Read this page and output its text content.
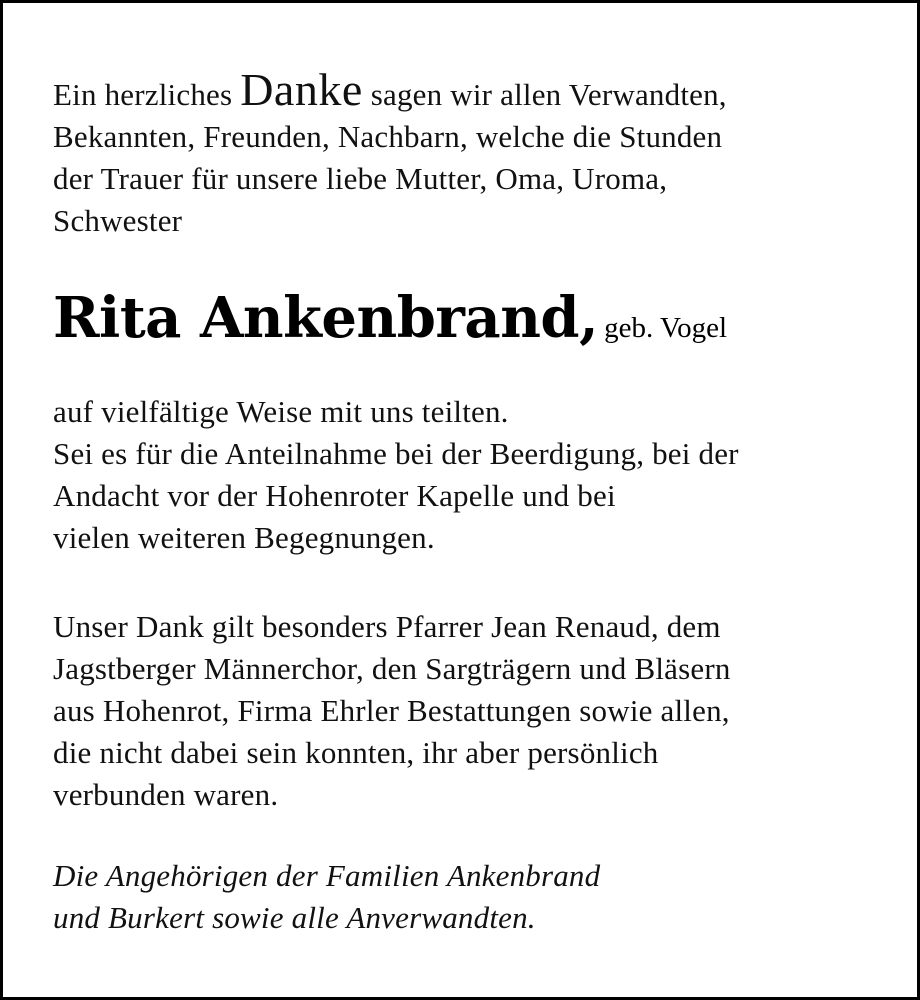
Ein herzliches Danke sagen wir allen Verwandten,
Bekannten, Freunden, Nachbarn, welche die Stunden
der Trauer für unsere liebe Mutter, Oma, Uroma,
Schwester
Rita Ankenbrand, geb. Vogel
auf vielfältige Weise mit uns teilten.
Sei es für die Anteilnahme bei der Beerdigung, bei der
Andacht vor der Hohenroter Kapelle und bei
vielen weiteren Begegnungen.
Unser Dank gilt besonders Pfarrer Jean Renaud, dem
Jagstberger Männerchor, den Sargträgern und Bläsern
aus Hohenrot, Firma Ehrler Bestattungen sowie allen,
die nicht dabei sein konnten, ihr aber persönlich
verbunden waren.
Die Angehörigen der Familien Ankenbrand
und Burkert sowie alle Anverwandten.
